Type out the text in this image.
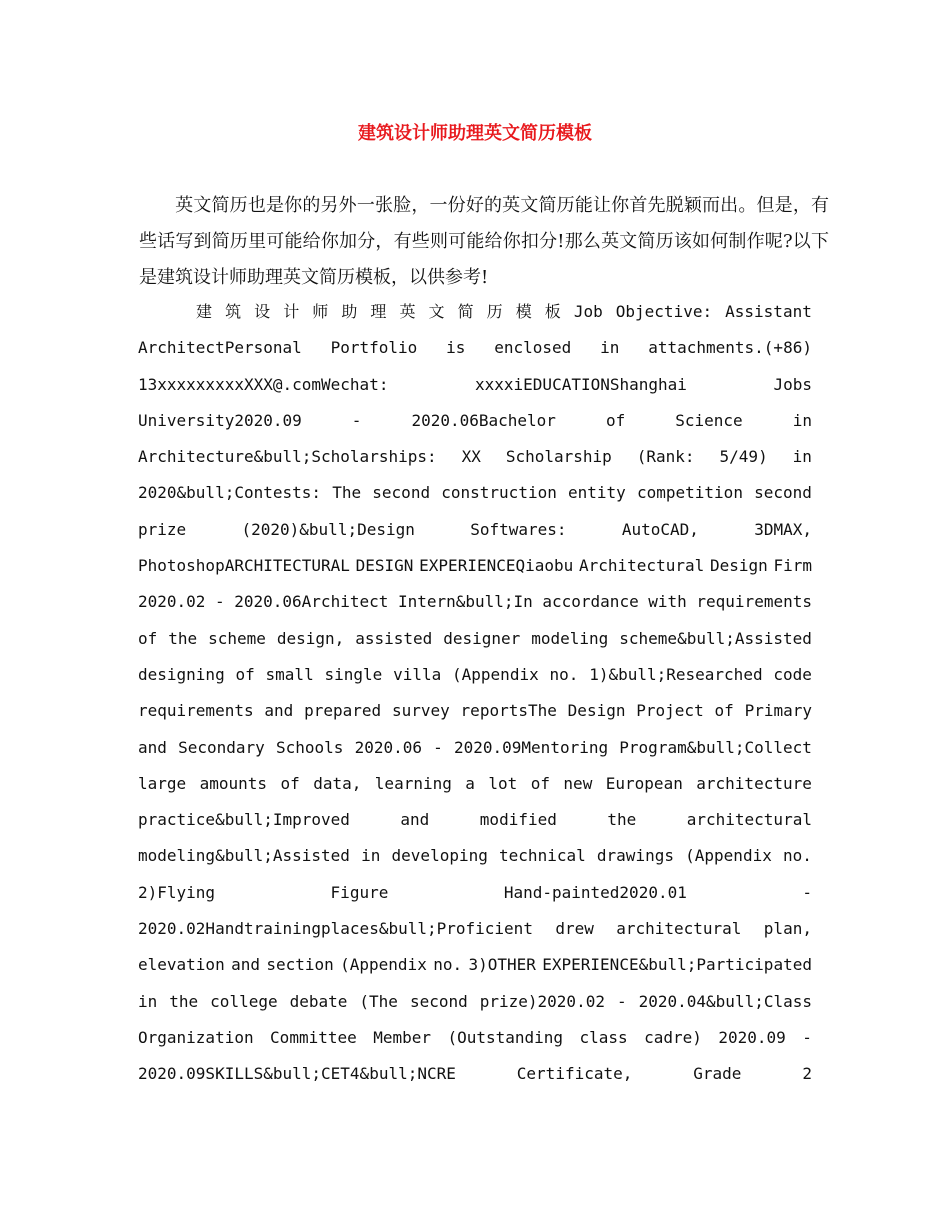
建筑设计师助理英文简历模板

英文简历也是你的另外一张脸，一份好的英文简历能让你首先脱颖而出。但是，有些话写到简历里可能给你加分，有些则可能给你扣分!那么英文简历该如何制作呢?以下是建筑设计师助理英文简历模板，以供参考!

建 筑 设 计 师 助 理 英 文 简 历 模 板 Job Objective: Assistant
ArchitectPersonal Portfolio is enclosed in attachments.(+86)
13xxxxxxxxxXXX@.comWechat:	xxxxiEDUCATIONShanghai	Jobs
University2020.09	-	2020.06Bachelor	of	Science	in
Architecture&bull;Scholarships: XX Scholarship (Rank: 5/49) in
2020&bull;Contests: The second construction entity competition second
prize	(2020)&bull;Design	Softwares:	AutoCAD,	3DMAX,
PhotoshopARCHITECTURAL DESIGN EXPERIENCEQiaobu Architectural Design Firm
2020.02 - 2020.06Architect Intern&bull;In accordance with requirements
of the scheme design, assisted designer modeling scheme&bull;Assisted
designing of small single villa (Appendix no. 1)&bull;Researched code
requirements and prepared survey reportsThe Design Project of Primary
and Secondary Schools 2020.06 - 2020.09Mentoring Program&bull;Collect
large amounts of data, learning a lot of new European architecture
practice&bull;Improved	and	modified	the	architectural
modeling&bull;Assisted in developing technical drawings (Appendix no.
2)Flying	Figure	Hand-painted2020.01	-
2020.02Handtrainingplaces&bull;Proficient drew architectural plan,
elevation and section (Appendix no. 3)OTHER EXPERIENCE&bull;Participated
in the college debate (The second prize)2020.02 - 2020.04&bull;Class
Organization Committee Member (Outstanding class cadre) 2020.09 -
2020.09SKILLS&bull;CET4&bull;NCRE	Certificate,	Grade	2
